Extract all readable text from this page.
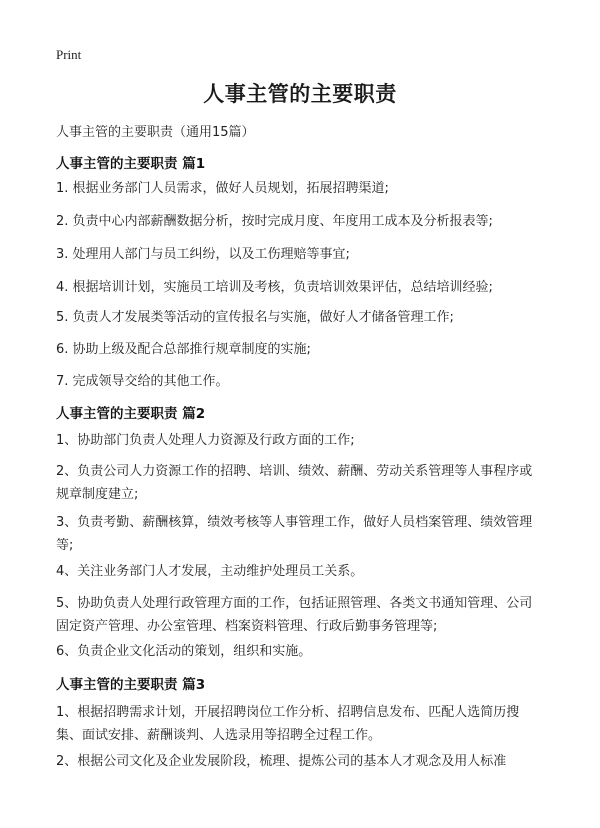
Print
人事主管的主要职责
人事主管的主要职责（通用15篇）
人事主管的主要职责 篇1

1. 根据业务部门人员需求，做好人员规划，拓展招聘渠道;

2. 负责中心内部薪酬数据分析，按时完成月度、年度用工成本及分析报表等;

3. 处理用人部门与员工纠纷，以及工伤理赔等事宜;

4. 根据培训计划，实施员工培训及考核，负责培训效果评估，总结培训经验;

5. 负责人才发展类等活动的宣传报名与实施，做好人才储备管理工作;

6. 协助上级及配合总部推行规章制度的实施;

7. 完成领导交给的其他工作。

人事主管的主要职责 篇2

1、协助部门负责人处理人力资源及行政方面的工作;

2、负责公司人力资源工作的招聘、培训、绩效、薪酬、劳动关系管理等人事程序或规章制度建立;

3、负责考勤、薪酬核算，绩效考核等人事管理工作，做好人员档案管理、绩效管理等;

4、关注业务部门人才发展，主动维护处理员工关系。

5、协助负责人处理行政管理方面的工作，包括证照管理、各类文书通知管理、公司固定资产管理、办公室管理、档案资料管理、行政后勤事务管理等;

6、负责企业文化活动的策划，组织和实施。

人事主管的主要职责 篇3

1、根据招聘需求计划，开展招聘岗位工作分析、招聘信息发布、匹配人选简历搜集、面试安排、薪酬谈判、人选录用等招聘全过程工作。

2、根据公司文化及企业发展阶段，梳理、提炼公司的基本人才观念及用人标准
